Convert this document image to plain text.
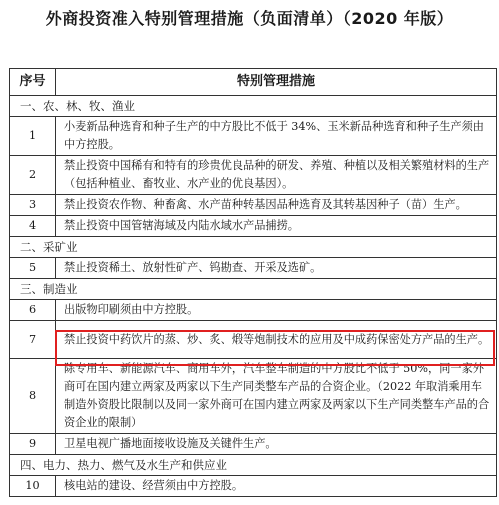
外商投资准入特别管理措施（负面清单）（2020 年版）
序号	特别管理措施
一、农、林、牧、渔业	
1	小麦新品种选育和种子生产的中方股比不低于 34%、玉米新品种选育和种子生产须由中方控股。
2	禁止投资中国稀有和特有的珍贵优良品种的研发、养殖、种植以及相关繁殖材料的生产（包括种植业、畜牧业、水产业的优良基因）。
3	禁止投资农作物、种畜禽、水产苗种转基因品种选育及其转基因种子（苗）生产。
4	禁止投资中国管辖海域及内陆水域水产品捕捞。
二、采矿业	
5	禁止投资稀土、放射性矿产、钨勘查、开采及选矿。
三、制造业	
6	出版物印刷须由中方控股。
7	禁止投资中药饮片的蒸、炒、炙、煅等炮制技术的应用及中成药保密处方产品的生产。
8	除专用车、新能源汽车、商用车外，汽车整车制造的中方股比不低于 50%，同一家外商可在国内建立两家及两家以下生产同类整车产品的合资企业。（2022 年取消乘用车制造外资股比限制以及同一家外商可在国内建立两家及两家以下生产同类整车产品的合资企业的限制）
9	卫星电视广播地面接收设施及关键件生产。
四、电力、热力、燃气及水生产和供应业	
10	核电站的建设、经营须由中方控股。
